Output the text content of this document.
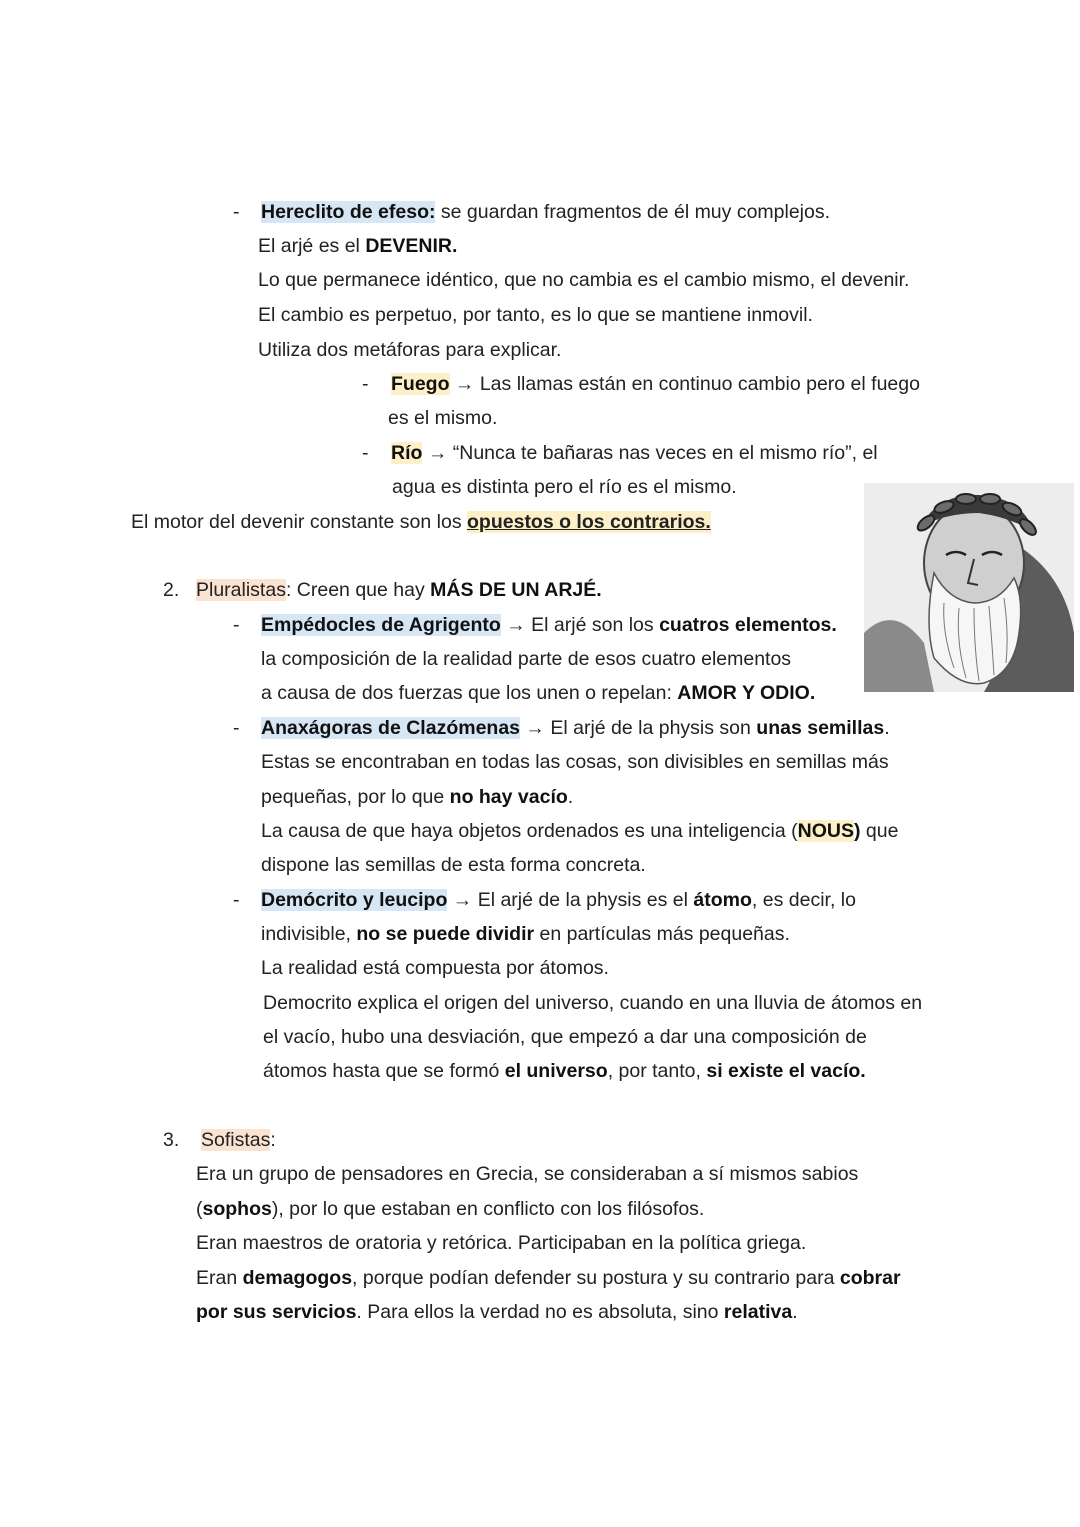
- Hereclito de efeso: se guardan fragmentos de él muy complejos.
El arjé es el DEVENIR.
Lo que permanece idéntico, que no cambia es el cambio mismo, el devenir.
El cambio es perpetuo, por tanto, es lo que se mantiene inmovil.
Utiliza dos metáforas para explicar.
- Fuego → Las llamas están en continuo cambio pero el fuego
es el mismo.
- Río → “Nunca te bañaras nas veces en el mismo río”, el
agua es distinta pero el río es el mismo.
El motor del devenir constante son los opuestos o los contrarios.
2. Pluralistas: Creen que hay MÁS DE UN ARJÉ.
- Empédocles de Agrigento → El arjé son los cuatros elementos.
la composición de la realidad parte de esos cuatro elementos
a causa de dos fuerzas que los unen o repelan: AMOR Y ODIO.
- Anaxágoras de Clazómenas → El arjé de la physis son unas semillas.
Estas se encontraban en todas las cosas, son divisibles en semillas más
pequeñas, por lo que no hay vacío.
La causa de que haya objetos ordenados es una inteligencia (NOUS) que
dispone las semillas de esta forma concreta.
- Demócrito y leucipo → El arjé de la physis es el átomo, es decir, lo
indivisible, no se puede dividir en partículas más pequeñas.
La realidad está compuesta por átomos.
Democrito explica el origen del universo, cuando en una lluvia de átomos en
el vacío, hubo una desviación, que empezó a dar una composición de
átomos hasta que se formó el universo, por tanto, si existe el vacío.
3. Sofistas:
Era un grupo de pensadores en Grecia, se consideraban a sí mismos sabios
(sophos), por lo que estaban en conflicto con los filósofos.
Eran maestros de oratoria y retórica. Participaban en la política griega.
Eran demagogos, porque podían defender su postura y su contrario para cobrar
por sus servicios. Para ellos la verdad no es absoluta, sino relativa.
